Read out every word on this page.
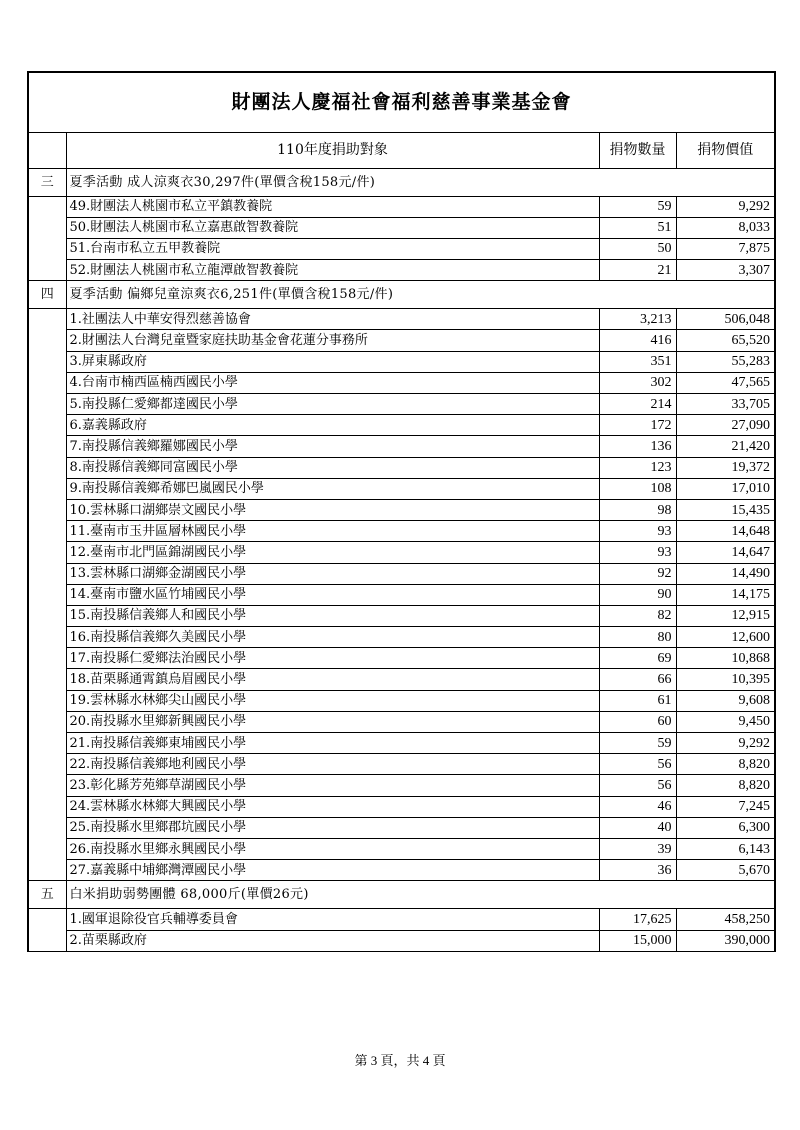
財團法人慶福社會福利慈善事業基金會			
	110年度捐助對象	捐物數量	捐物價值
三	夏季活動 成人涼爽衣30,297件(單價含稅158元/件)		
	49.財團法人桃園市私立平鎮教養院	59	9,292
	50.財團法人桃園市私立嘉惠啟智教養院	51	8,033
	51.台南市私立五甲教養院	50	7,875
	52.財團法人桃園市私立龍潭啟智教養院	21	3,307
四	夏季活動 偏鄉兒童涼爽衣6,251件(單價含稅158元/件)		
	1.社團法人中華安得烈慈善協會	3,213	506,048
	2.財團法人台灣兒童暨家庭扶助基金會花蓮分事務所	416	65,520
	3.屏東縣政府	351	55,283
	4.台南市楠西區楠西國民小學	302	47,565
	5.南投縣仁愛鄉都達國民小學	214	33,705
	6.嘉義縣政府	172	27,090
	7.南投縣信義鄉羅娜國民小學	136	21,420
	8.南投縣信義鄉同富國民小學	123	19,372
	9.南投縣信義鄉希娜巴嵐國民小學	108	17,010
	10.雲林縣口湖鄉崇文國民小學	98	15,435
	11.臺南市玉井區層林國民小學	93	14,648
	12.臺南市北門區錦湖國民小學	93	14,647
	13.雲林縣口湖鄉金湖國民小學	92	14,490
	14.臺南市鹽水區竹埔國民小學	90	14,175
	15.南投縣信義鄉人和國民小學	82	12,915
	16.南投縣信義鄉久美國民小學	80	12,600
	17.南投縣仁愛鄉法治國民小學	69	10,868
	18.苗栗縣通霄鎮烏眉國民小學	66	10,395
	19.雲林縣水林鄉尖山國民小學	61	9,608
	20.南投縣水里鄉新興國民小學	60	9,450
	21.南投縣信義鄉東埔國民小學	59	9,292
	22.南投縣信義鄉地利國民小學	56	8,820
	23.彰化縣芳苑鄉草湖國民小學	56	8,820
	24.雲林縣水林鄉大興國民小學	46	7,245
	25.南投縣水里鄉郡坑國民小學	40	6,300
	26.南投縣水里鄉永興國民小學	39	6,143
	27.嘉義縣中埔鄉灣潭國民小學	36	5,670
五	白米捐助弱勢團體 68,000斤(單價26元)		
	1.國軍退除役官兵輔導委員會	17,625	458,250
	2.苗栗縣政府	15,000	390,000
第 3 頁，共 4 頁
